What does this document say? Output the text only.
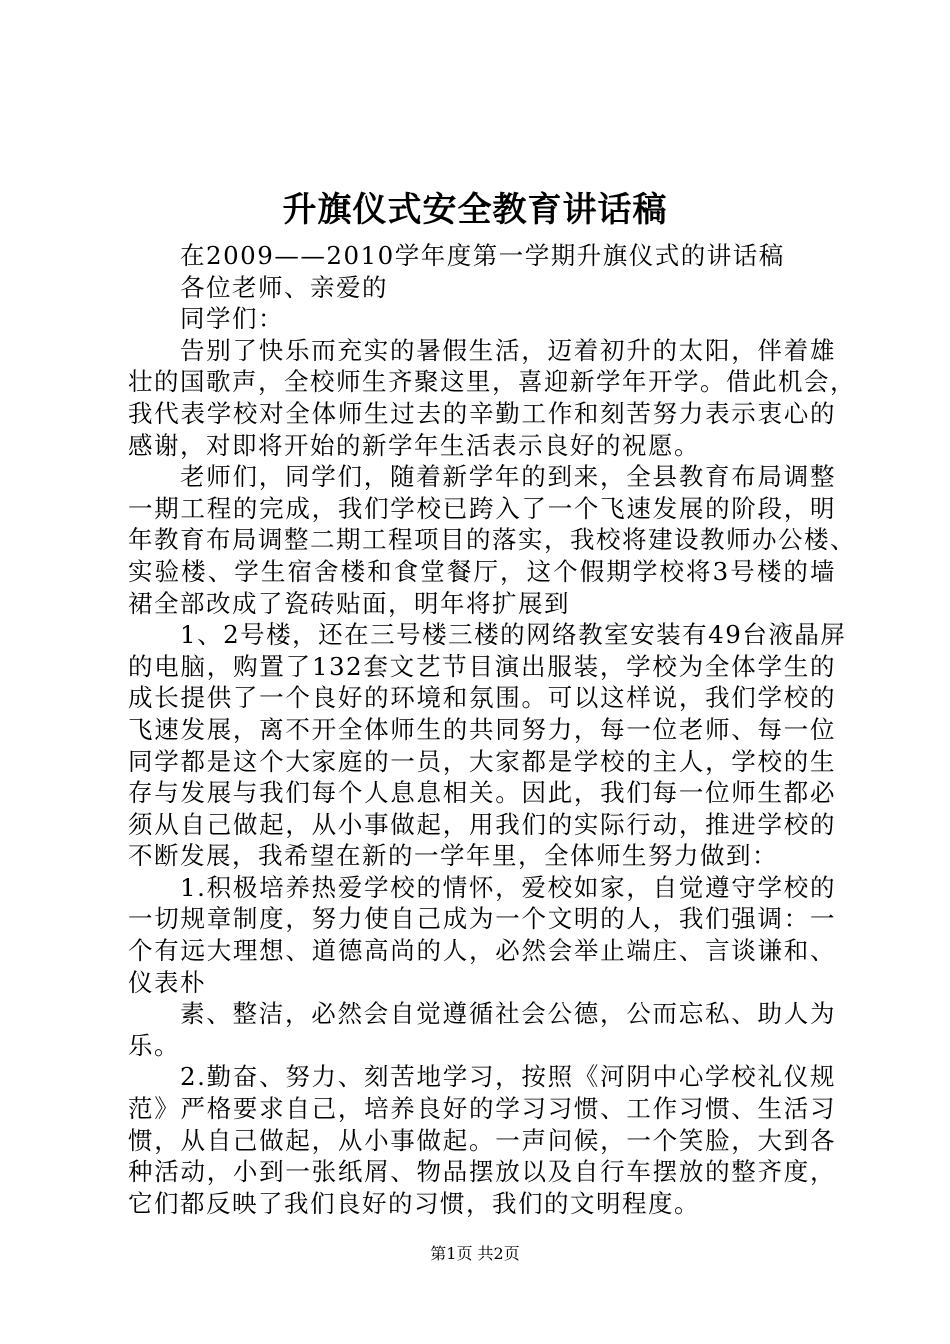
升旗仪式安全教育讲话稿
在2009——2010学年度第一学期升旗仪式的讲话稿
各位老师、亲爱的
同学们：
告别了快乐而充实的暑假生活，迈着初升的太阳，伴着雄
壮的国歌声，全校师生齐聚这里，喜迎新学年开学。借此机会，
我代表学校对全体师生过去的辛勤工作和刻苦努力表示衷心的
感谢，对即将开始的新学年生活表示良好的祝愿。
老师们，同学们，随着新学年的到来，全县教育布局调整
一期工程的完成，我们学校已跨入了一个飞速发展的阶段，明
年教育布局调整二期工程项目的落实，我校将建设教师办公楼、
实验楼、学生宿舍楼和食堂餐厅，这个假期学校将3号楼的墙
裙全部改成了瓷砖贴面，明年将扩展到
1、2号楼，还在三号楼三楼的网络教室安装有49台液晶屏
的电脑，购置了132套文艺节目演出服装，学校为全体学生的
成长提供了一个良好的环境和氛围。可以这样说，我们学校的
飞速发展，离不开全体师生的共同努力，每一位老师、每一位
同学都是这个大家庭的一员，大家都是学校的主人，学校的生
存与发展与我们每个人息息相关。因此，我们每一位师生都必
须从自己做起，从小事做起，用我们的实际行动，推进学校的
不断发展，我希望在新的一学年里，全体师生努力做到：
1.积极培养热爱学校的情怀，爱校如家，自觉遵守学校的
一切规章制度，努力使自己成为一个文明的人，我们强调：一
个有远大理想、道德高尚的人，必然会举止端庄、言谈谦和、
仪表朴
素、整洁，必然会自觉遵循社会公德，公而忘私、助人为
乐。
2.勤奋、努力、刻苦地学习，按照《河阴中心学校礼仪规
范》严格要求自己，培养良好的学习习惯、工作习惯、生活习
惯，从自己做起，从小事做起。一声问候，一个笑脸，大到各
种活动，小到一张纸屑、物品摆放以及自行车摆放的整齐度，
它们都反映了我们良好的习惯，我们的文明程度。
第1页 共2页
